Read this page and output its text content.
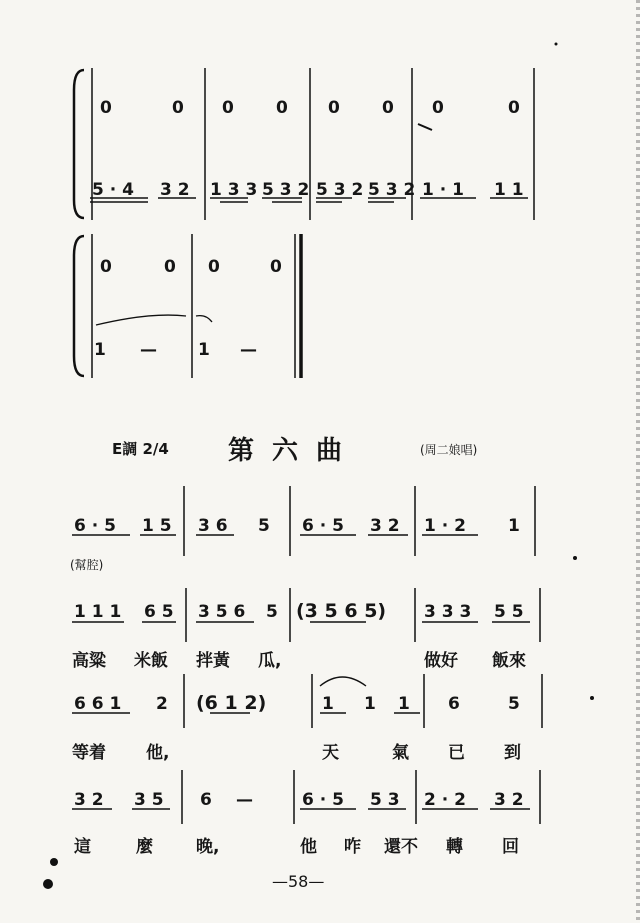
0	0 0 0 0 0 0	0
5 · 4 3 2 1 3 3 5 3 2 5 3 2 5 3 2 1 · 1 1 1
0	0 0	0
1 — 1 —
E調 2/4 第六曲	(周二娘唱)
6 · 5 1 5 3 6 5 6 · 5 3 2 1 · 2 1
(幫腔)
1 1 1 6 5 3 5 6 5 (3 5 6 5) 3 3 3 5 5
高粱 米飯 拌黃 瓜,	做好 飯來
6 6 1 2 (6 1 2)	1 1 1 6	5
等着 他,	天	氣 已 到
3 2 3 5 6 —	6 · 5 5 3 2 · 2 3 2
這	麼	晚,	他 咋 還不 轉 回
—58—
